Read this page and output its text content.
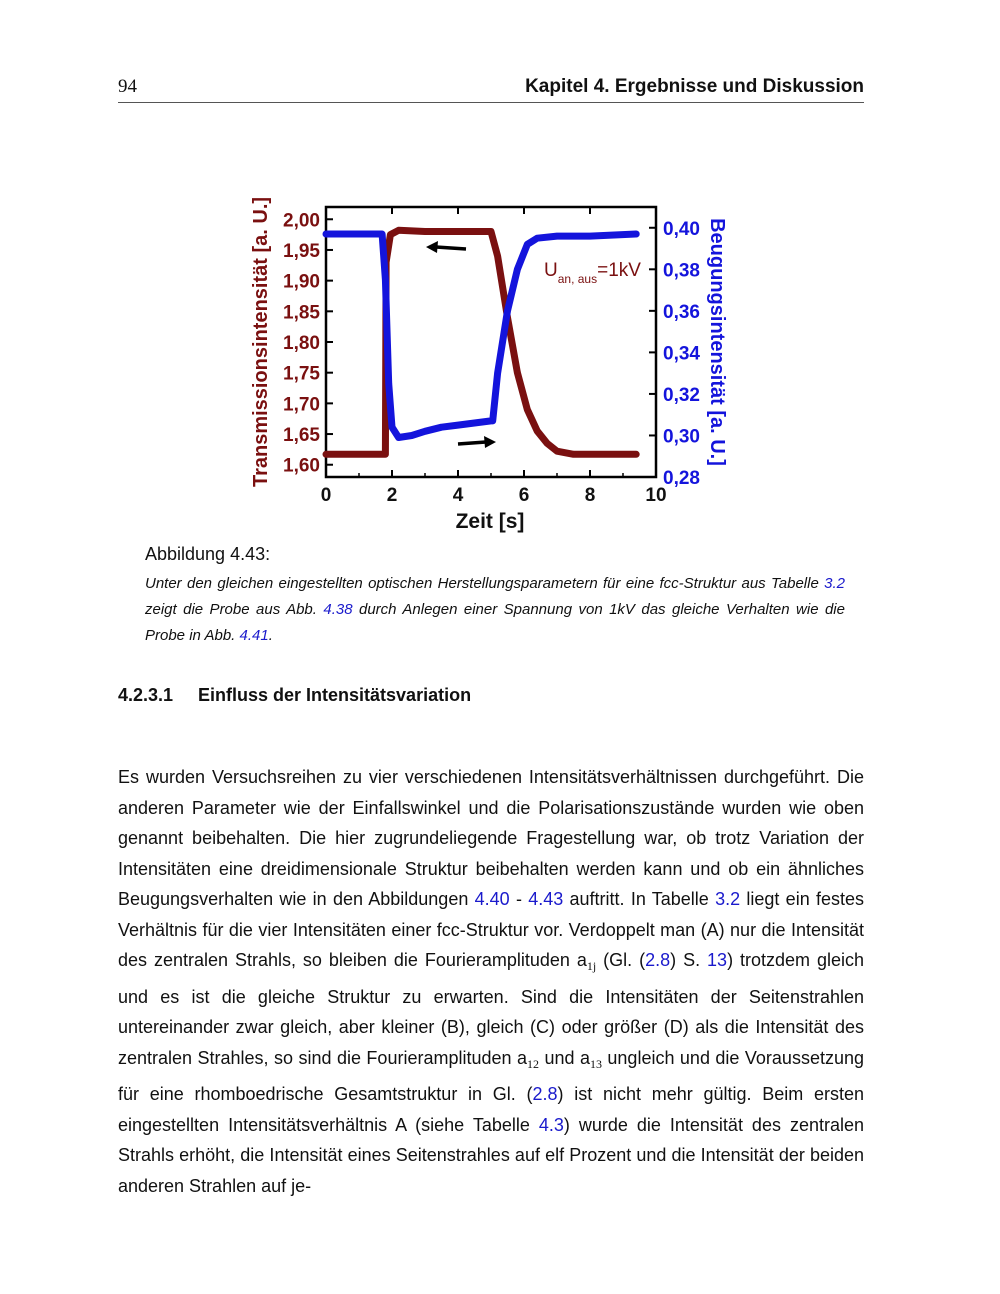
94	Kapitel 4. Ergebnisse und Diskussion
0	2	4	6	8	10
1,60
1,65
1,70
1,75
1,80
1,85
1,90
1,95
2,00
0,28
0,30
0,32
0,34
0,36
0,38
0,40
$U_{an, aus}=1kV$
Zeit [s]
Transmissionsintensität [a. U.]	Beugungsintensität [a. U.]
Abbildung 4.43:
Unter den gleichen eingestellten optischen Herstellungsparametern für eine fcc-Struktur aus Tabelle 3.2 zeigt die Probe aus Abb. 4.38 durch Anlegen einer Spannung von 1kV das gleiche Verhalten wie die Probe in Abb. 4.41.
4.2.3.1 Einfluss der Intensitätsvariation
Es wurden Versuchsreihen zu vier verschiedenen Intensitätsverhältnissen durchgeführt. Die anderen Parameter wie der Einfallswinkel und die Polarisationszustände wurden wie oben genannt beibehalten. Die hier zugrundeliegende Fragestellung war, ob trotz Variation der Intensitäten eine dreidimensionale Struktur beibehalten werden kann und ob ein ähnliches Beugungsverhalten wie in den Abbildungen 4.40 - 4.43 auftritt. In Tabelle 3.2 liegt ein festes Verhältnis für die vier Intensitäten einer fcc-Struktur vor. Verdoppelt man (A) nur die Intensität des zentralen Strahls, so bleiben die Fourieramplituden $a_{1j}$ (Gl. (2.8) S. 13) trotzdem gleich und es ist die gleiche Struktur zu erwarten. Sind die Intensitäten der Seitenstrahlen untereinander zwar gleich, aber kleiner (B), gleich (C) oder größer (D) als die Intensität des zentralen Strahles, so sind die Fourieramplituden $a_{12}$ und $a_{13}$ ungleich und die Voraussetzung für eine rhomboedrische Gesamtstruktur in Gl. (2.8) ist nicht mehr gültig. Beim ersten eingestellten Intensitätsverhältnis A (siehe Tabelle 4.3) wurde die Intensität des zentralen Strahls erhöht, die Intensität eines Seitenstrahles auf elf Prozent und die Intensität der beiden anderen Strahlen auf je-
